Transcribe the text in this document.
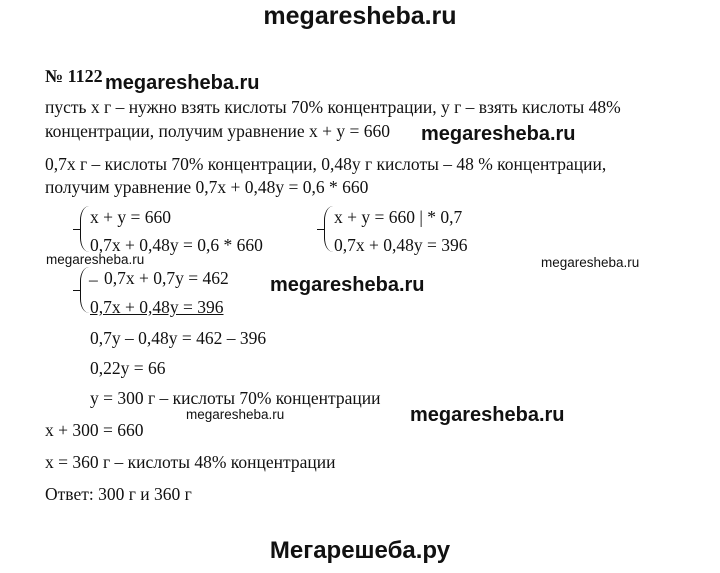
megaresheba.ru
№ 1122 megaresheba.ru
пусть x г – нужно взять кислоты 70% концентрации, y г – взять кислоты 48%
концентрации, получим уравнение x + y = 660 megaresheba.ru
0,7x г – кислоты 70% концентрации, 0,48y г кислоты – 48 % концентрации,
получим уравнение 0,7x + 0,48y = 0,6 * 660
x + y = 660
0,7x + 0,48y = 0,6 * 660
x + y = 660 | * 0,7
0,7x + 0,48y = 396
megaresheba.ru	megaresheba.ru
_ 0,7x + 0,7y = 462
0,7x + 0,48y = 396
megaresheba.ru
0,7y – 0,48y = 462 – 396
0,22y = 66
y = 300 г – кислоты 70% концентрации
megaresheba.ru	megaresheba.ru
x + 300 = 660
x = 360 г – кислоты 48% концентрации
Ответ: 300 г и 360 г
Мегарешеба.ру
